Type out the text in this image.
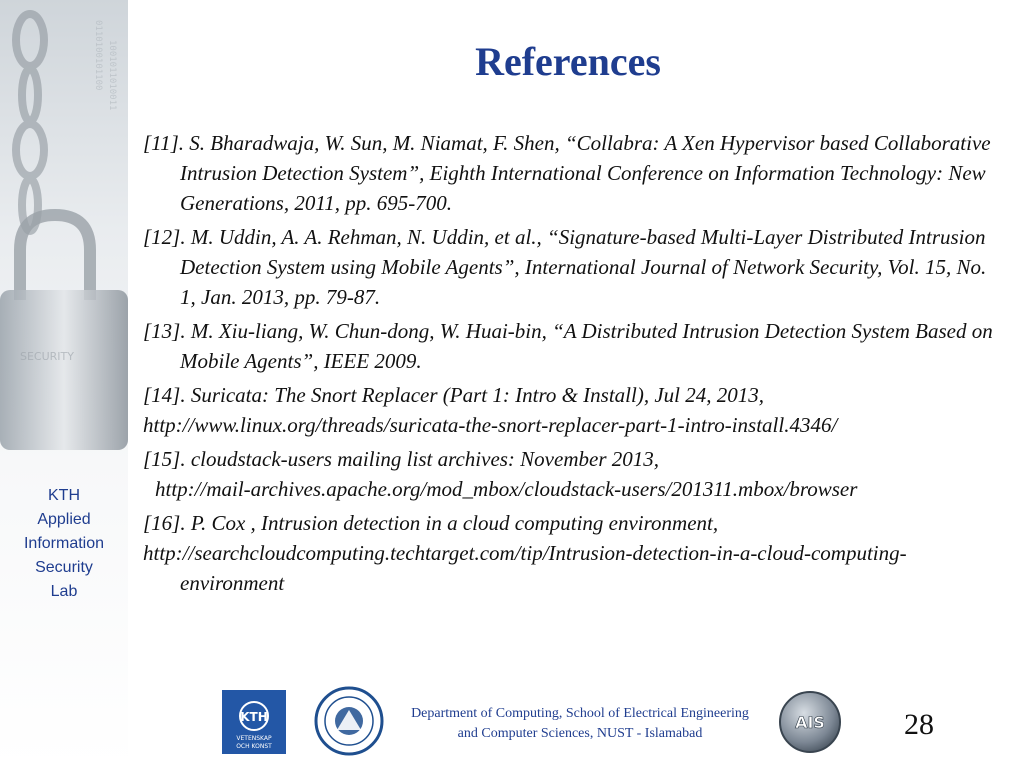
0110100101100 1001011010011
SECURITY
KTH
Applied
Information
Security
Lab
References
[11]. S. Bharadwaja, W. Sun, M. Niamat, F. Shen, “Collabra: A Xen Hypervisor based Collaborative Intrusion Detection System”, Eighth International Conference on Information Technology: New Generations, 2011, pp. 695-700.
[12]. M. Uddin, A. A. Rehman, N. Uddin, et al., “Signature-based Multi-Layer Distributed Intrusion Detection System using Mobile Agents”, International Journal of Network Security, Vol. 15, No. 1, Jan. 2013, pp. 79-87.
[13]. M. Xiu-liang, W. Chun-dong, W. Huai-bin, “A Distributed Intrusion Detection System Based on Mobile Agents”, IEEE 2009.
[14]. Suricata: The Snort Replacer (Part 1: Intro & Install), Jul 24, 2013,
http://www.linux.org/threads/suricata-the-snort-replacer-part-1-intro-install.4346/
[15]. cloudstack-users mailing list archives: November 2013,
http://mail-archives.apache.org/mod_mbox/cloudstack-users/201311.mbox/browser
[16]. P. Cox , Intrusion detection in a cloud computing environment,
http://searchcloudcomputing.techtarget.com/tip/Intrusion-detection-in-a-cloud-computing-environment
KTH
VETENSKAP
OCH KONST
Department of Computing, School of Electrical Engineering and Computer Sciences, NUST - Islamabad
AIS	28
